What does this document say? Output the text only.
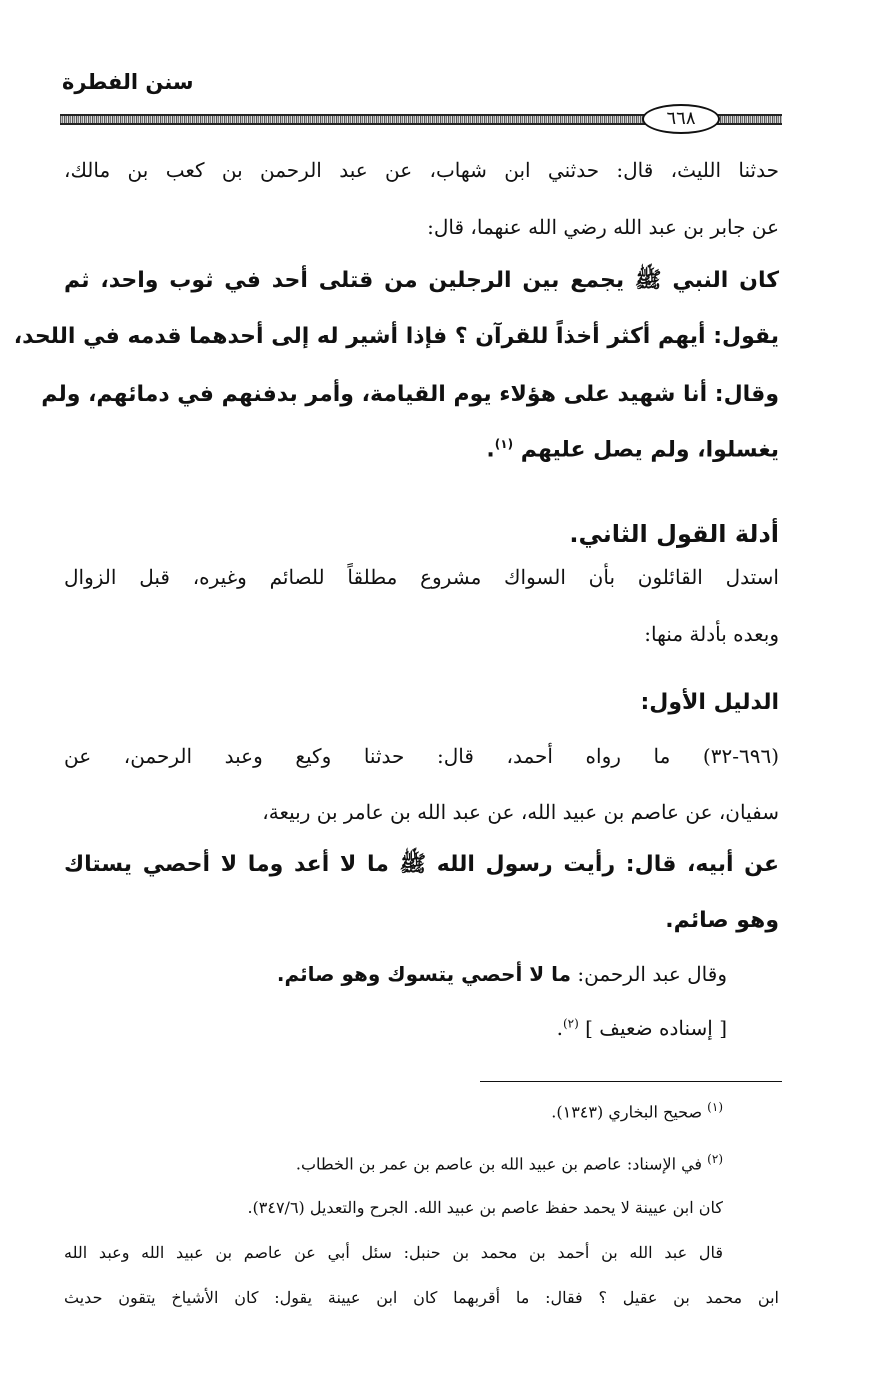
سنن الفطرة
٦٦٨
حدثنا الليث، قال: حدثني ابن شهاب، عن عبد الرحمن بن كعب بن مالك،
عن جابر بن عبد الله رضي الله عنهما، قال:
كان النبي ﷺ يجمع بين الرجلين من قتلى أحد في ثوب واحد، ثم
يقول: أيهم أكثر أخذاً للقرآن ؟ فإذا أشير له إلى أحدهما قدمه في اللحد،
وقال: أنا شهيد على هؤلاء يوم القيامة، وأمر بدفنهم في دمائهم، ولم
يغسلوا، ولم يصل عليهم $^{(١)}$.
أدلة القول الثاني.
استدل القائلون بأن السواك مشروع مطلقاً للصائم وغيره، قبل الزوال
وبعده بأدلة منها:
الدليل الأول:
(٦٩٦-٣٢) ما رواه أحمد، قال: حدثنا وكيع وعبد الرحمن، عن
سفيان، عن عاصم بن عبيد الله، عن عبد الله بن عامر بن ربيعة،
عن أبيه، قال: رأيت رسول الله ﷺ ما لا أعد وما لا أحصي يستاك
وهو صائم.
وقال عبد الرحمن: ما لا أحصي يتسوك وهو صائم.
[ إسناده ضعيف ] $^{(٢)}$.
$^{(١)}$ صحيح البخاري (١٣٤٣).
$^{(٢)}$ في الإسناد: عاصم بن عبيد الله بن عاصم بن عمر بن الخطاب.
كان ابن عيينة لا يحمد حفظ عاصم بن عبيد الله. الجرح والتعديل (٣٤٧/٦).
قال عبد الله بن أحمد بن محمد بن حنبل: سئل أبي عن عاصم بن عبيد الله وعبد الله
ابن محمد بن عقيل ؟ فقال: ما أقربهما كان ابن عيينة يقول: كان الأشياخ يتقون حديث
